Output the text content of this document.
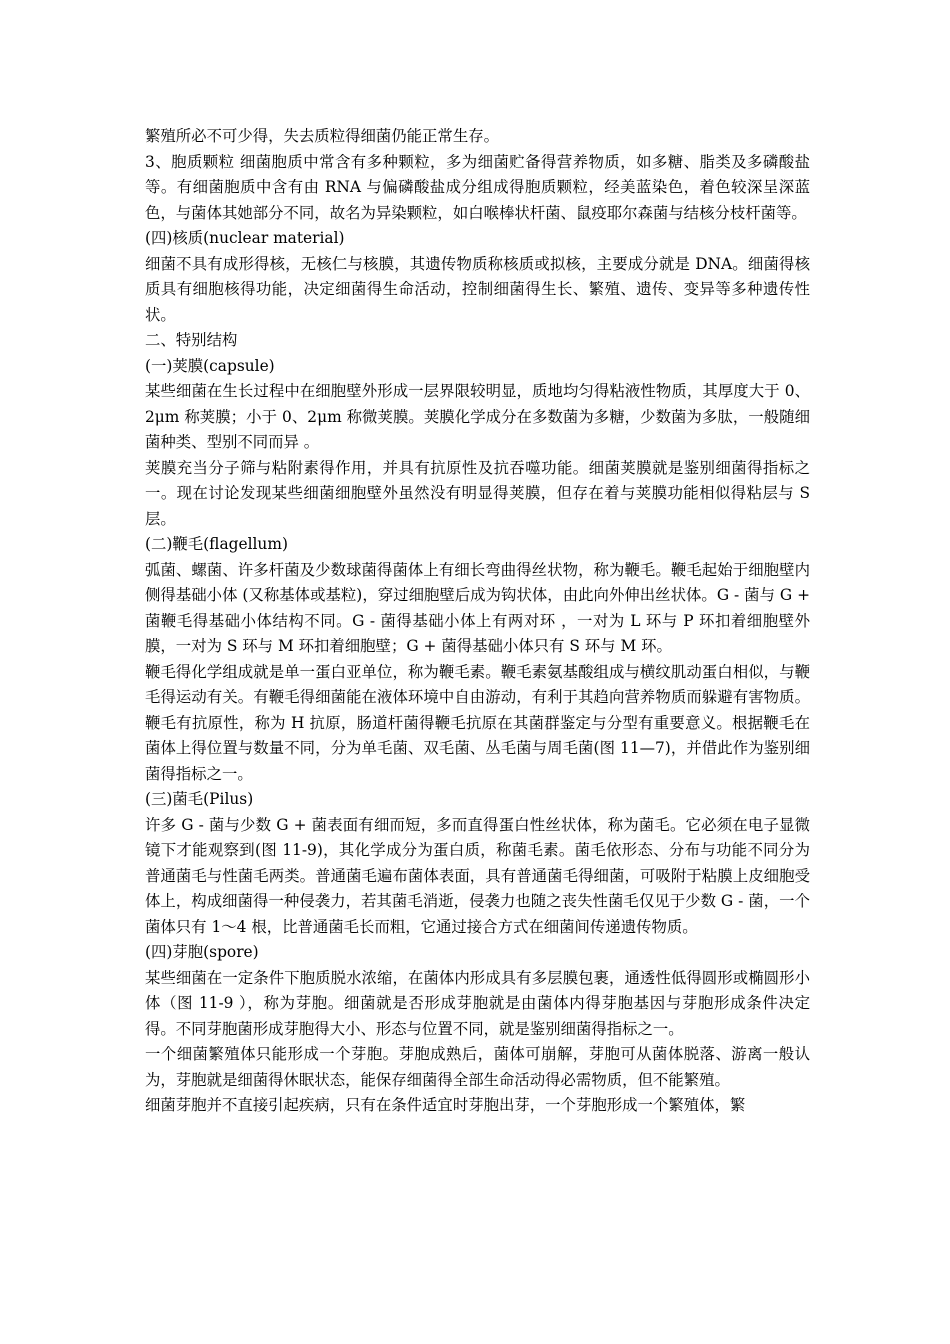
繁殖所必不可少得，失去质粒得细菌仍能正常生存。

3、胞质颗粒 细菌胞质中常含有多种颗粒，多为细菌贮备得营养物质，如多糖、脂类及多磷酸盐等。有细菌胞质中含有由 RNA 与偏磷酸盐成分组成得胞质颗粒，经美蓝染色，着色较深呈深蓝色，与菌体其她部分不同，故名为异染颗粒，如白喉棒状杆菌、鼠疫耶尔森菌与结核分枝杆菌等。

(四)核质(nuclear material)

细菌不具有成形得核，无核仁与核膜，其遗传物质称核质或拟核，主要成分就是 DNA。细菌得核质具有细胞核得功能，决定细菌得生命活动，控制细菌得生长、繁殖、遗传、变异等多种遗传性状。

二、特别结构

(一)荚膜(capsule)

某些细菌在生长过程中在细胞壁外形成一层界限较明显，质地均匀得粘液性物质，其厚度大于 0、2μm 称荚膜；小于 0、2μm 称微荚膜。荚膜化学成分在多数菌为多糖，少数菌为多肽，一般随细菌种类、型别不同而异 。

荚膜充当分子筛与粘附素得作用，并具有抗原性及抗吞噬功能。细菌荚膜就是鉴别细菌得指标之一。现在讨论发现某些细菌细胞壁外虽然没有明显得荚膜，但存在着与荚膜功能相似得粘层与 S 层。

(二)鞭毛(flagellum)

弧菌、螺菌、许多杆菌及少数球菌得菌体上有细长弯曲得丝状物，称为鞭毛。鞭毛起始于细胞壁内侧得基础小体 (又称基体或基粒)，穿过细胞壁后成为钩状体，由此向外伸出丝状体。G - 菌与 G + 菌鞭毛得基础小体结构不同。G - 菌得基础小体上有两对环 ，一对为 L 环与 P 环扣着细胞壁外膜，一对为 S 环与 M 环扣着细胞壁；G + 菌得基础小体只有 S 环与 M 环。

鞭毛得化学组成就是单一蛋白亚单位，称为鞭毛素。鞭毛素氨基酸组成与横纹肌动蛋白相似，与鞭毛得运动有关。有鞭毛得细菌能在液体环境中自由游动，有利于其趋向营养物质而躲避有害物质。鞭毛有抗原性，称为 H 抗原，肠道杆菌得鞭毛抗原在其菌群鉴定与分型有重要意义。根据鞭毛在菌体上得位置与数量不同，分为单毛菌、双毛菌、丛毛菌与周毛菌(图 11—7)，并借此作为鉴别细菌得指标之一。

(三)菌毛(Pilus)

许多 G - 菌与少数 G + 菌表面有细而短，多而直得蛋白性丝状体，称为菌毛。它必须在电子显微镜下才能观察到(图 11-9)，其化学成分为蛋白质，称菌毛素。菌毛依形态、分布与功能不同分为普通菌毛与性菌毛两类。普通菌毛遍布菌体表面，具有普通菌毛得细菌，可吸附于粘膜上皮细胞受体上，构成细菌得一种侵袭力，若其菌毛消逝，侵袭力也随之丧失性菌毛仅见于少数 G - 菌，一个菌体只有 1～4 根，比普通菌毛长而粗，它通过接合方式在细菌间传递遗传物质。

(四)芽胞(spore)

某些细菌在一定条件下胞质脱水浓缩，在菌体内形成具有多层膜包裹，通透性低得圆形或椭圆形小体（图 11-9 ），称为芽胞。细菌就是否形成芽胞就是由菌体内得芽胞基因与芽胞形成条件决定得。不同芽胞菌形成芽胞得大小、形态与位置不同，就是鉴别细菌得指标之一。

一个细菌繁殖体只能形成一个芽胞。芽胞成熟后，菌体可崩解，芽胞可从菌体脱落、游离一般认为，芽胞就是细菌得休眠状态，能保存细菌得全部生命活动得必需物质，但不能繁殖。

细菌芽胞并不直接引起疾病，只有在条件适宜时芽胞出芽，一个芽胞形成一个繁殖体，繁
